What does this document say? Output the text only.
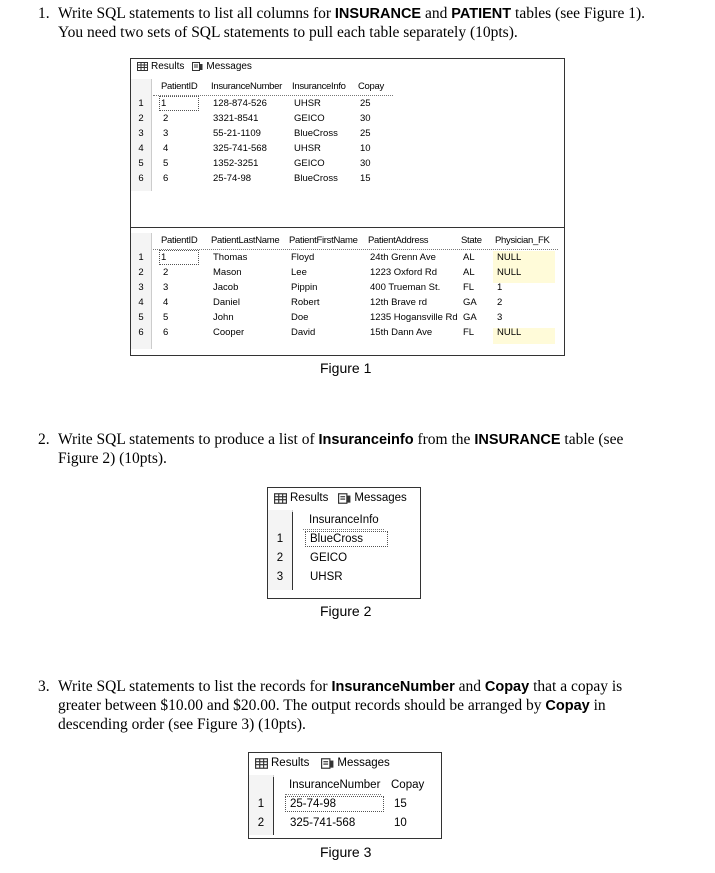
1. Write SQL statements to list all columns for INSURANCE and PATIENT tables (see Figure 1).
You need two sets of SQL statements to pull each table separately (10pts).
Results Messages
PatientID InsuranceNumber InsuranceInfo Copay
1	1	128-874-526	UHSR	25
2	2	3321-8541	GEICO	30
3	3	55-21-1109	BlueCross 25
4	4	325-741-568	UHSR	10
5	5	1352-3251	GEICO	30
6	6	25-74-98	BlueCross 15
PatientID PatientLastName PatientFirstName PatientAddress	State Physician_FK
1	1	Thomas	Floyd	24th Grenn Ave	AL NULL
2	2	Mason	Lee	1223 Oxford Rd	AL NULL
3	3	Jacob	Pippin	400 Trueman St. FL 1
4	4	Daniel	Robert	12th Brave rd	GA 2
5	5	John	Doe	1235 Hogansville Rd GA 3
6	6	Cooper	David	15th Dann Ave	FL NULL
Figure 1
2. Write SQL statements to produce a list of Insuranceinfo from the INSURANCE table (see
Figure 2) (10pts).
Results Messages
InsuranceInfo
1	BlueCross
2	GEICO
3	UHSR
Figure 2
3. Write SQL statements to list the records for InsuranceNumber and Copay that a copay is
greater between $10.00 and $20.00. The output records should be arranged by Copay in
descending order (see Figure 3) (10pts).
Results Messages
InsuranceNumber Copay
1	25-74-98	15
2	325-741-568	10
Figure 3
